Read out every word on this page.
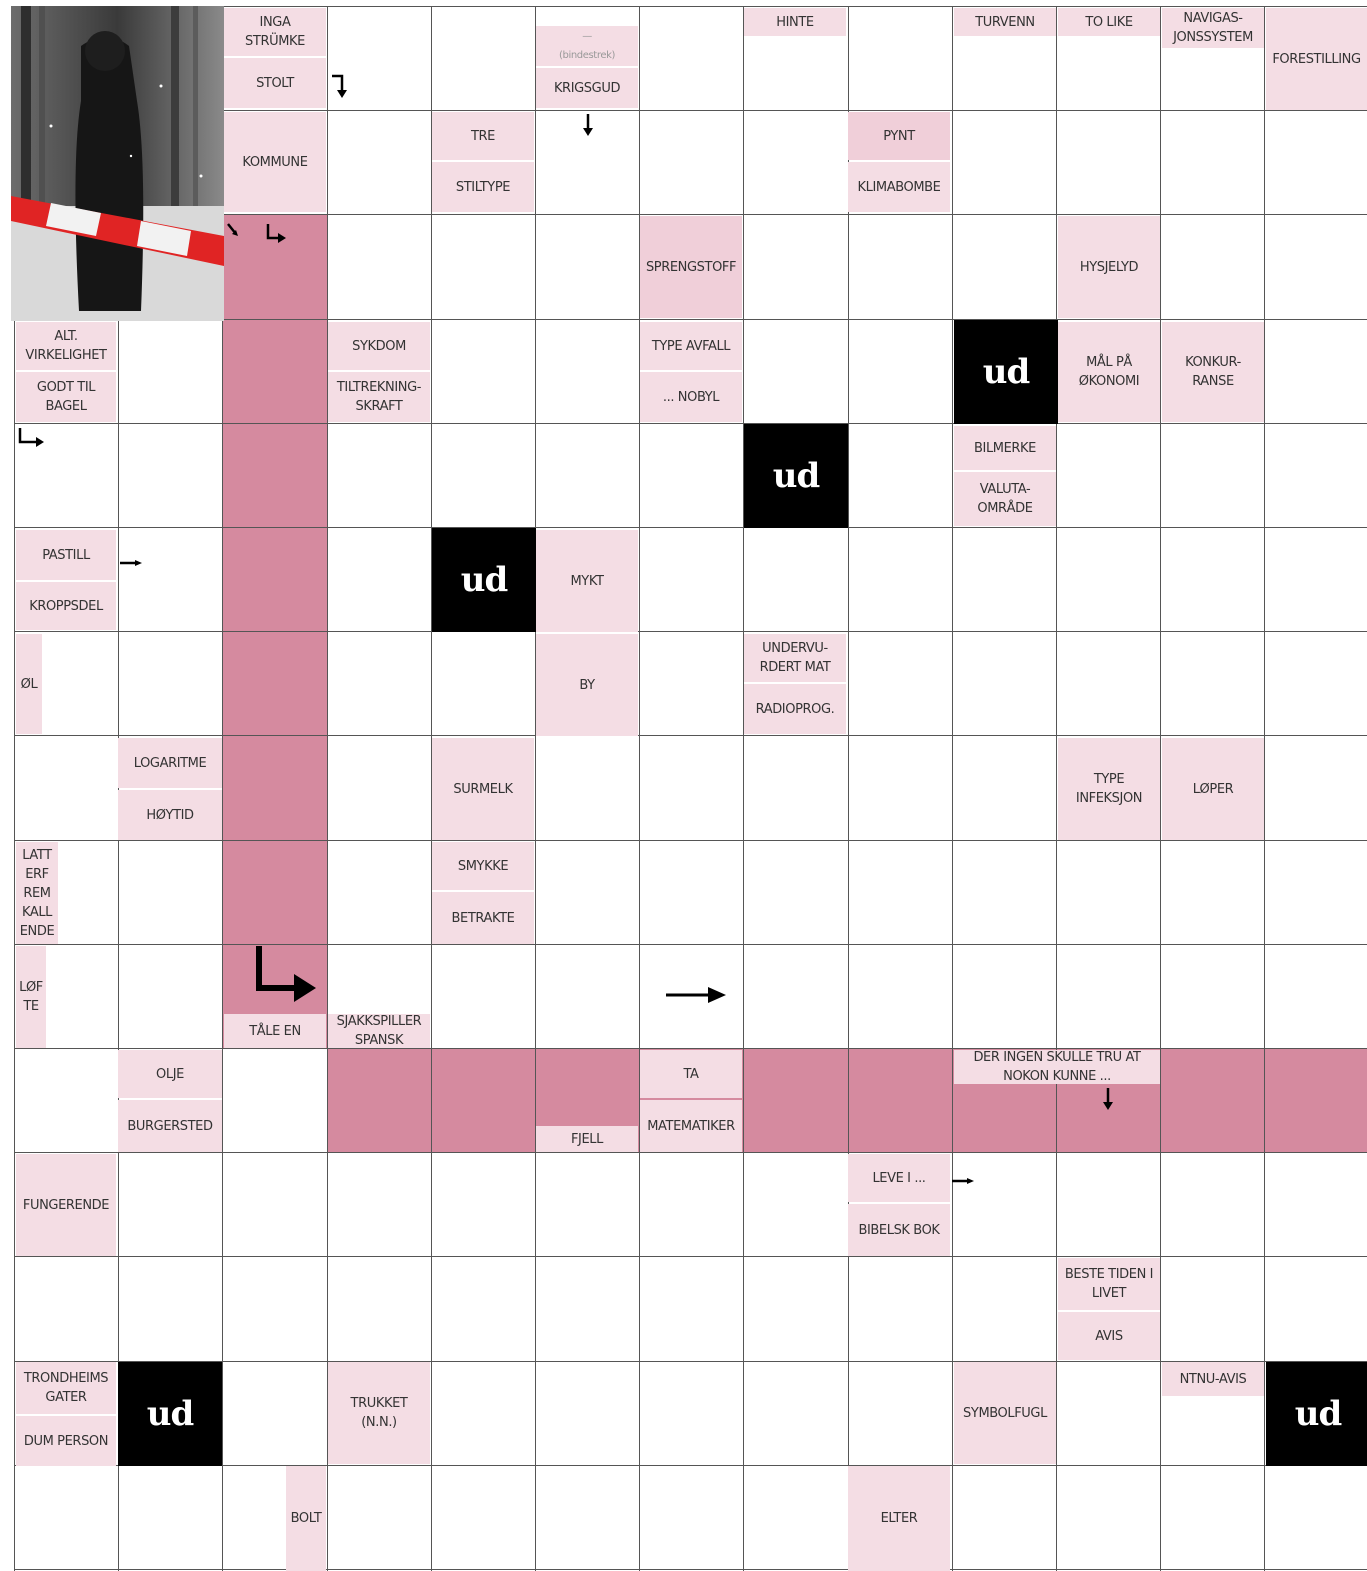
INGA
STRÜMKE
STOLT
—
(bindestrek)
KRIGSGUD
HINTE	TURVENN	TO LIKE	NAVIGAS-
JONSSYSTEM
FORESTILLING
KOMMUNE
TRE
STILTYPE
PYNT
KLIMABOMBE
SPRENGSTOFF	HYSJELYD
ALT.
VIRKELIGHET
GODT TIL
BAGEL
SYKDOM
TILTREKNING-
SKRAFT
TYPE AVFALL
... NOBYL
MÅL PÅ
ØKONOMI
KONKUR-
RANSE
BILMERKE
VALUTA-
OMRÅDE
PASTILL
KROPPSDEL
MYKT
ØL	BY
UNDERVU-
RDERT MAT
RADIOPROG.
LOGARITME
HØYTID
SURMELK
TYPE
INFEKSJON
LØPER
LATT
ERF
REM
KALL
ENDE
SMYKKE
BETRAKTE
LØF
TE
TÅLE EN
SJAKKSPILLER
SPANSK
OLJE
BURGERSTED
FJELL
TA
MATEMATIKER
DER INGEN SKULLE TRU AT
NOKON KUNNE ...
FUNGERENDE
LEVE I ...
BIBELSK BOK
BESTE TIDEN I
LIVET
AVIS
TRONDHEIMS
GATER
DUM PERSON
TRUKKET
(N.N.)
SYMBOLFUGL
NTNU-AVIS
BOLT	ELTER
ud
ud
ud
ud	ud
